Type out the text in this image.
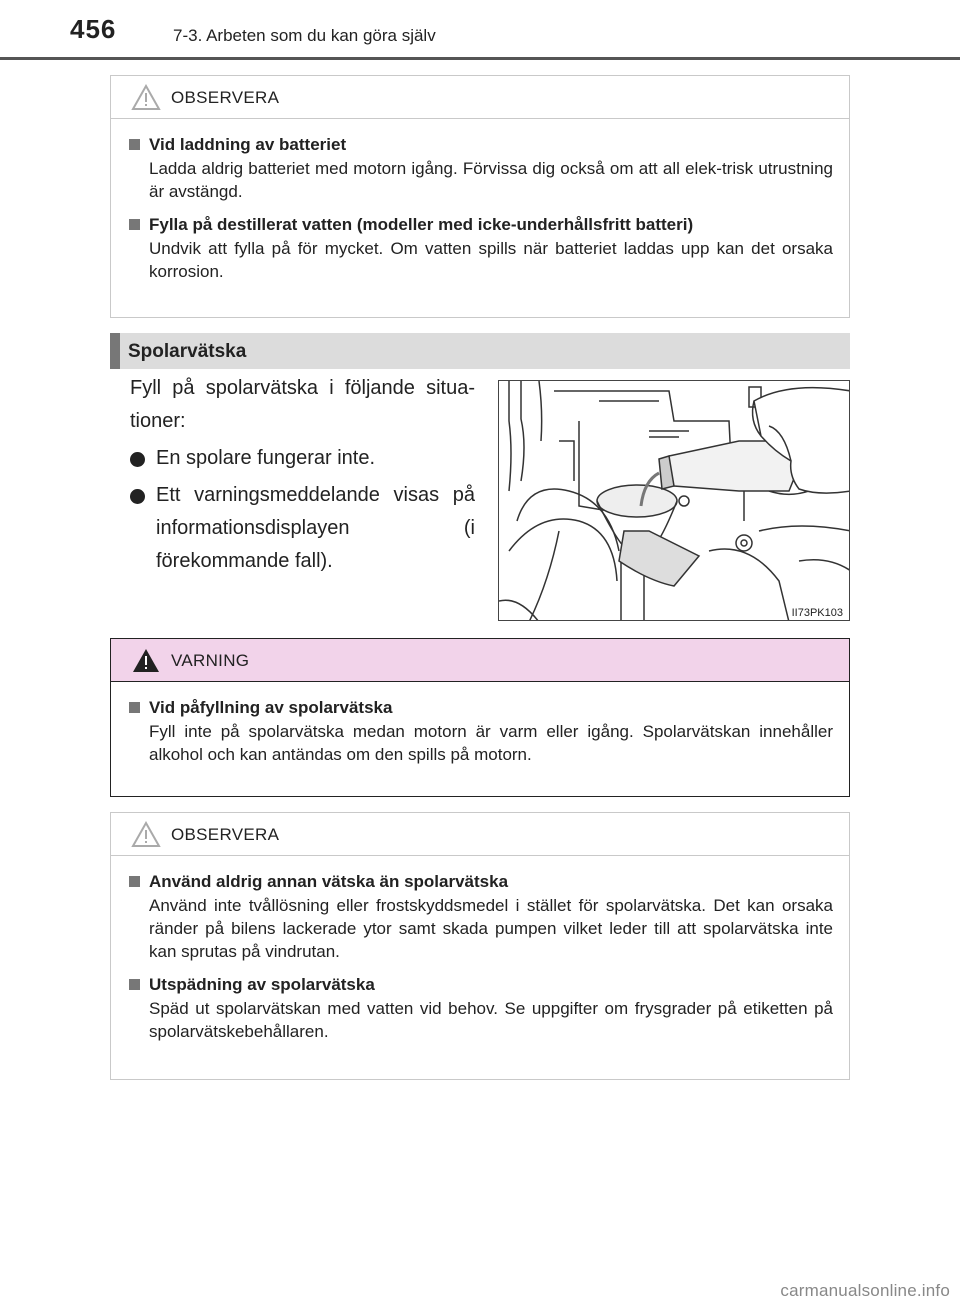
456	7-3. Arbeten som du kan göra själv
OBSERVERA
Vid laddning av batteriet
Ladda aldrig batteriet med motorn igång. Förvissa dig också om att all elek-trisk utrustning är avstängd.
Fylla på destillerat vatten (modeller med icke-underhållsfritt batteri)
Undvik att fylla på för mycket. Om vatten spills när batteriet laddas upp kan det orsaka korrosion.
Spolarvätska
Fyll på spolarvätska i följande situa-tioner:
En spolare fungerar inte.
Ett varningsmeddelande visas på informationsdisplayen (i förekommande fall).
II73PK103
VARNING
Vid påfyllning av spolarvätska
Fyll inte på spolarvätska medan motorn är varm eller igång. Spolarvätskan innehåller alkohol och kan antändas om den spills på motorn.
OBSERVERA
Använd aldrig annan vätska än spolarvätska
Använd inte tvållösning eller frostskyddsmedel i stället för spolarvätska. Det kan orsaka ränder på bilens lackerade ytor samt skada pumpen vilket leder till att spolarvätska inte kan sprutas på vindrutan.
Utspädning av spolarvätska
Späd ut spolarvätskan med vatten vid behov. Se uppgifter om frysgrader på etiketten på spolarvätskebehållaren.
carmanualsonline.info
